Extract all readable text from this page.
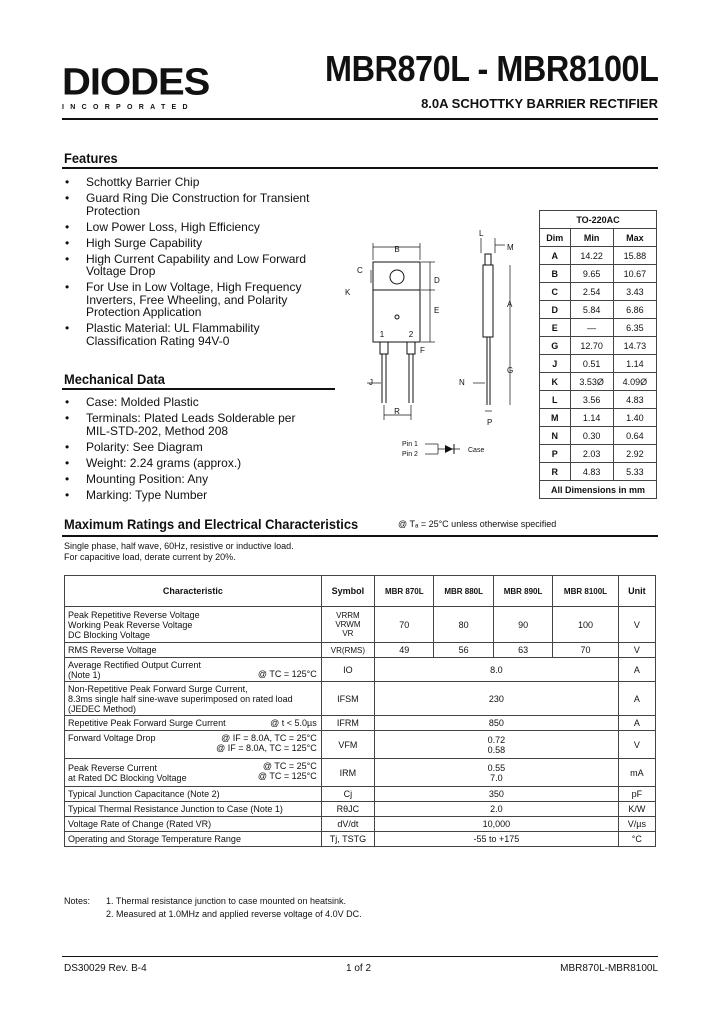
DIODES
INCORPORATED
MBR870L - MBR8100L
8.0A SCHOTTKY BARRIER RECTIFIER
Features
• Schottky Barrier Chip
• Guard Ring Die Construction for Transient Protection
• Low Power Loss, High Efficiency
• High Surge Capability
• High Current Capability and Low Forward Voltage Drop
• For Use in Low Voltage, High Frequency Inverters, Free Wheeling, and Polarity Protection Application
• Plastic Material: UL Flammability Classification Rating 94V-0
Mechanical Data
• Case: Molded Plastic
• Terminals: Plated Leads Solderable per MIL-STD-202, Method 208
• Polarity: See Diagram
• Weight: 2.24 grams (approx.)
• Mounting Position: Any
• Marking: Type Number
B
C
K
D
E
1	2
F
J
R
L
M
A
G
N
P
Pin 1
Pin 2
Case
TO-220AC		
Dim	Min	Max
A	14.22	15.88
B	9.65	10.67
C	2.54	3.43
D	5.84	6.86
E	—	6.35
G	12.70	14.73
J	0.51	1.14
K	3.53Ø	4.09Ø
L	3.56	4.83
M	1.14	1.40
N	0.30	0.64
P	2.03	2.92
R	4.83	5.33
All Dimensions in mm		
Maximum Ratings and Electrical Characteristics	@ Tₐ = 25°C unless otherwise specified
Single phase, half wave, 60Hz, resistive or inductive load.
For capacitive load, derate current by 20%.
Characteristic	Symbol	MBR 870L	MBR 880L	MBR 890L	MBR 8100L	Unit
Peak Repetitive Reverse Voltage
Working Peak Reverse Voltage
DC Blocking Voltage	VRRM
VRWM
VR	70	80	90	100	V
RMS Reverse Voltage	VR(RMS)	49	56	63	70	V
Average Rectified Output Current
(Note 1) @ TC = 125°C	IO	8.0				A
Non-Repetitive Peak Forward Surge Current,
8.3ms single half sine-wave superimposed on rated load
(JEDEC Method)	IFSM	230				A
Repetitive Peak Forward Surge Current @ t < 5.0µs	IFRM	850				A

Forward Voltage Drop @ IF = 8.0A, TC = 25°C
@ IF = 8.0A, TC = 125°C	VFM	0.72
0.58				V
Peak Reverse Current
at Rated DC Blocking Voltage
@ TC = 25°C
@ TC = 125°C	IRM	0.55
7.0				mA
Typical Junction Capacitance (Note 2)	Cj	350				pF
Typical Thermal Resistance Junction to Case (Note 1)	RθJC	2.0				K/W
Voltage Rate of Change (Rated VR)	dV/dt	10,000				V/µs
Operating and Storage Temperature Range	Tj, TSTG	-55 to +175				°C
Notes: 1. Thermal resistance junction to case mounted on heatsink.
2. Measured at 1.0MHz and applied reverse voltage of 4.0V DC.
DS30029 Rev. B-4	1 of 2	MBR870L-MBR8100L
